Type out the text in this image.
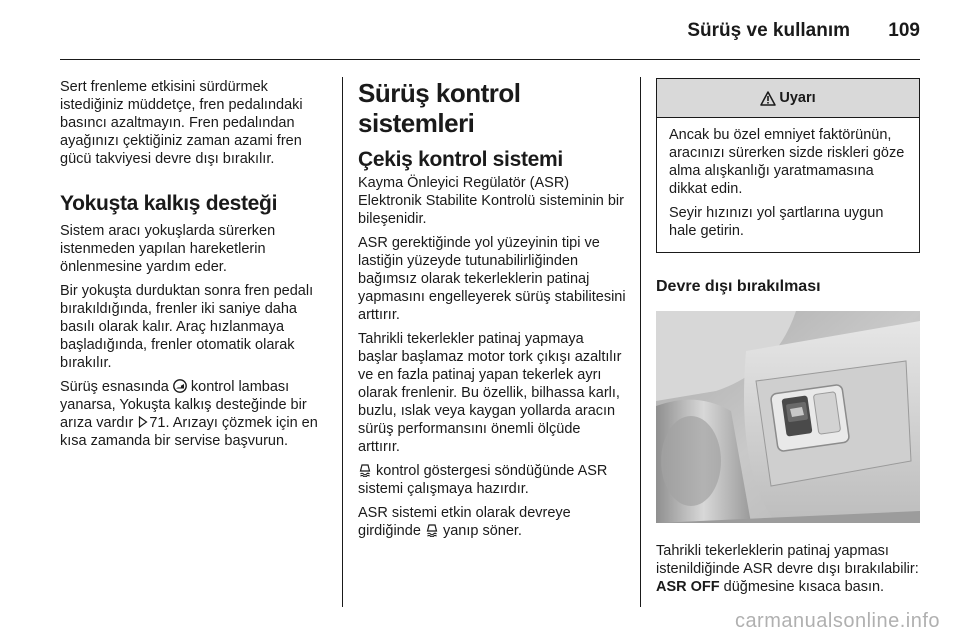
Sürüş ve kullanım	109

Sert frenleme etkisini sürdürmek istediğiniz müddetçe, fren pedalındaki basıncı azaltmayın. Fren pedalından ayağınızı çektiğiniz zaman azami fren gücü takviyesi devre dışı bırakılır.

Yokuşta kalkış desteği

Sistem aracı yokuşlarda sürerken istenmeden yapılan hareketlerin önlenmesine yardım eder.

Bir yokuşta durduktan sonra fren pedalı bırakıldığında, frenler iki saniye daha basılı olarak kalır. Araç hızlanmaya başladığında, frenler otomatik olarak bırakılır.

Sürüş esnasında  kontrol lambası yanarsa, Yokuşta kalkış desteğinde bir arıza vardır 71. Arızayı çözmek için en kısa zamanda bir servise başvurun.

Sürüş kontrol sistemleri
Çekiş kontrol sistemi

Kayma Önleyici Regülatör (ASR) Elektronik Stabilite Kontrolü sisteminin bir bileşenidir.

ASR gerektiğinde yol yüzeyinin tipi ve lastiğin yüzeyde tutunabilirliğinden bağımsız olarak tekerleklerin patinaj yapmasını engelleyerek sürüş stabilitesini arttırır.

Tahrikli tekerlekler patinaj yapmaya başlar başlamaz motor tork çıkışı azaltılır ve en fazla patinaj yapan tekerlek ayrı olarak frenlenir. Bu özellik, bilhassa karlı, buzlu, ıslak veya kaygan yollarda aracın sürüş performansını önemli ölçüde arttırır.

kontrol göstergesi söndüğünde ASR sistemi çalışmaya hazırdır.

ASR sistemi etkin olarak devreye girdiğinde  yanıp söner.

Uyarı

Ancak bu özel emniyet faktörünün, aracınızı sürerken sizde riskleri göze alma alışkanlığı yaratmamasına dikkat edin.

Seyir hızınızı yol şartlarına uygun hale getirin.

Devre dışı bırakılması

Tahrikli tekerleklerin patinaj yapması istenildiğinde ASR devre dışı bırakılabilir: ASR OFF düğmesine kısaca basın.

carmanualsonline.info
